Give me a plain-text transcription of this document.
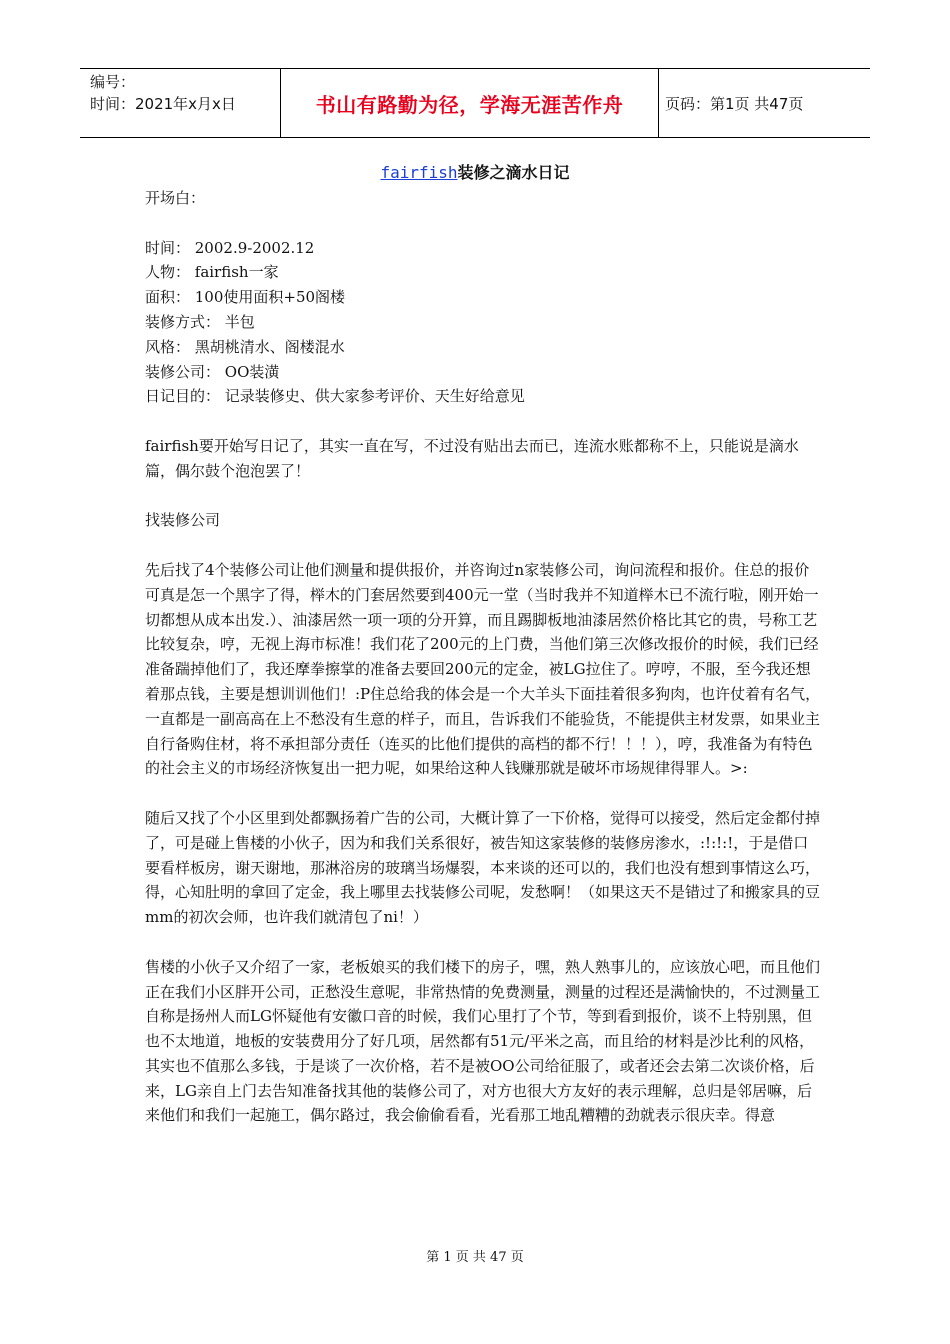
编号：
时间：2021年x月x日	书山有路勤为径，学海无涯苦作舟	页码：第1页 共47页
fairfish装修之滴水日记

开场白：

时间： 2002.9-2002.12

人物： fairfish一家

面积： 100使用面积+50阁楼

装修方式： 半包

风格： 黑胡桃清水、阁楼混水

装修公司： OO装潢

日记目的： 记录装修史、供大家参考评价、天生好给意见

fairfish要开始写日记了，其实一直在写，不过没有贴出去而已，连流水账都称不上，只能说是滴水篇，偶尔鼓个泡泡罢了！

找装修公司

先后找了4个装修公司让他们测量和提供报价，并咨询过n家装修公司，询问流程和报价。住总的报价可真是怎一个黑字了得，榉木的门套居然要到400元一堂（当时我并不知道榉木已不流行啦，刚开始一切都想从成本出发.）、油漆居然一项一项的分开算，而且踢脚板地油漆居然价格比其它的贵，号称工艺比较复杂，哼，无视上海市标准！我们花了200元的上门费，当他们第三次修改报价的时候，我们已经准备踹掉他们了，我还摩拳擦掌的准备去要回200元的定金，被LG拉住了。哼哼，不服，至今我还想着那点钱，主要是想训训他们！:P住总给我的体会是一个大羊头下面挂着很多狗肉，也许仗着有名气，一直都是一副高高在上不愁没有生意的样子，而且，告诉我们不能验货，不能提供主材发票，如果业主自行备购住材，将不承担部分责任（连买的比他们提供的高档的都不行！！！），哼，我准备为有特色的社会主义的市场经济恢复出一把力呢，如果给这种人钱赚那就是破坏市场规律得罪人。>:

随后又找了个小区里到处都飘扬着广告的公司，大概计算了一下价格，觉得可以接受，然后定金都付掉了，可是碰上售楼的小伙子，因为和我们关系很好，被告知这家装修的装修房渗水，:!:!:!，于是借口要看样板房，谢天谢地，那淋浴房的玻璃当场爆裂，本来谈的还可以的，我们也没有想到事情这么巧，得，心知肚明的拿回了定金，我上哪里去找装修公司呢，发愁啊！（如果这天不是错过了和搬家具的豆mm的初次会师，也许我们就清包了ni！）

售楼的小伙子又介绍了一家，老板娘买的我们楼下的房子，嘿，熟人熟事儿的，应该放心吧，而且他们正在我们小区胖开公司，正愁没生意呢，非常热情的免费测量，测量的过程还是满愉快的，不过测量工自称是扬州人而LG怀疑他有安徽口音的时候，我们心里打了个节，等到看到报价，谈不上特别黑，但也不太地道，地板的安装费用分了好几项，居然都有51元/平米之高，而且给的材料是沙比利的风格，其实也不值那么多钱，于是谈了一次价格，若不是被OO公司给征服了，或者还会去第二次谈价格，后来，LG亲自上门去告知准备找其他的装修公司了，对方也很大方友好的表示理解，总归是邻居嘛，后来他们和我们一起施工，偶尔路过，我会偷偷看看，光看那工地乱糟糟的劲就表示很庆幸。得意

第 1 页 共 47 页
